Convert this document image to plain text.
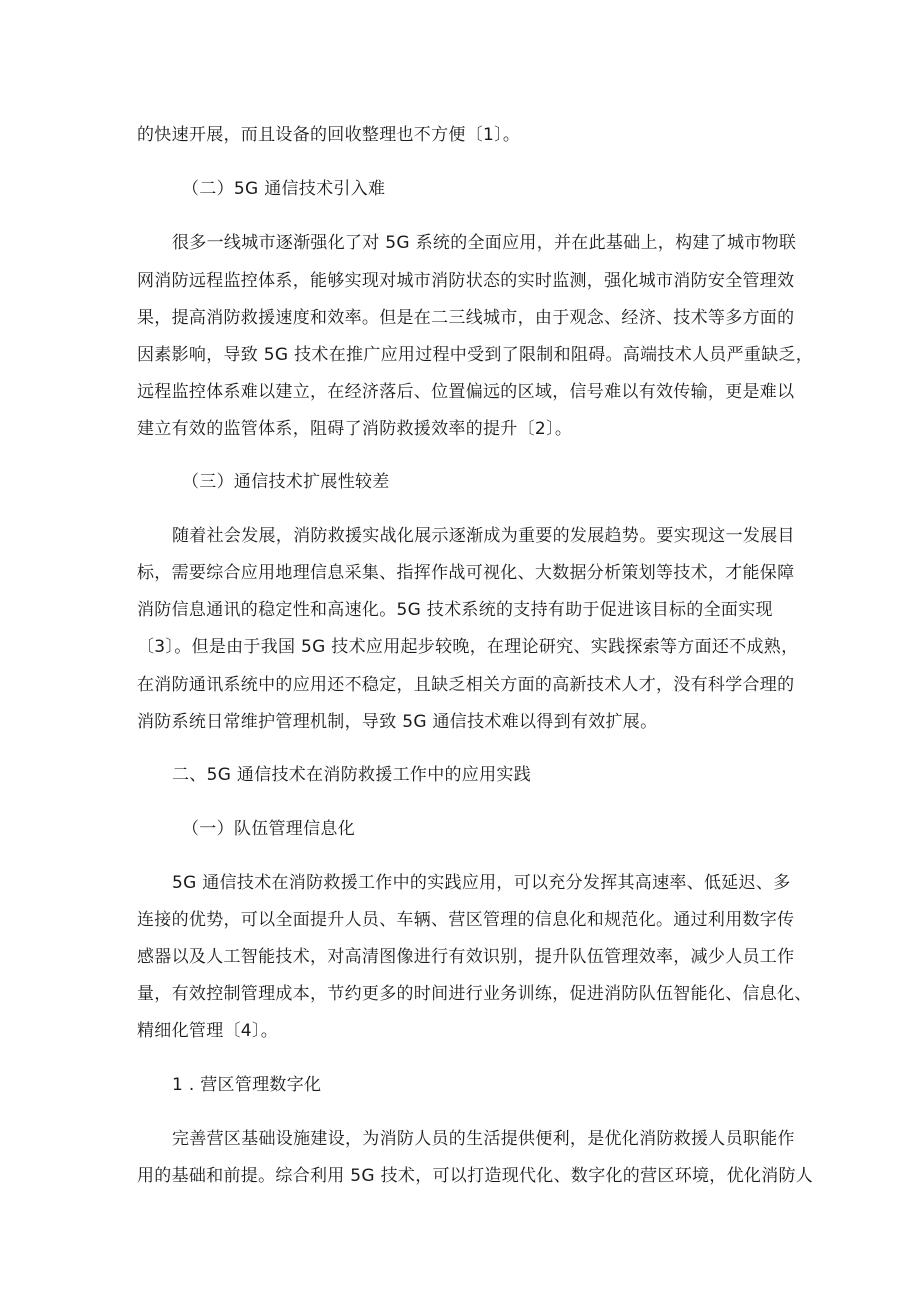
的快速开展，而且设备的回收整理也不方便〔1〕。
（二）5G 通信技术引入难
很多一线城市逐渐强化了对 5G 系统的全面应用，并在此基础上，构建了城市物联
网消防远程监控体系，能够实现对城市消防状态的实时监测，强化城市消防安全管理效
果，提高消防救援速度和效率。但是在二三线城市，由于观念、经济、技术等多方面的
因素影响，导致 5G 技术在推广应用过程中受到了限制和阻碍。高端技术人员严重缺乏，
远程监控体系难以建立，在经济落后、位置偏远的区域，信号难以有效传输，更是难以
建立有效的监管体系，阻碍了消防救援效率的提升〔2〕。
（三）通信技术扩展性较差
随着社会发展，消防救援实战化展示逐渐成为重要的发展趋势。要实现这一发展目
标，需要综合应用地理信息采集、指挥作战可视化、大数据分析策划等技术，才能保障
消防信息通讯的稳定性和高速化。5G 技术系统的支持有助于促进该目标的全面实现
〔3〕。但是由于我国 5G 技术应用起步较晚，在理论研究、实践探索等方面还不成熟，
在消防通讯系统中的应用还不稳定，且缺乏相关方面的高新技术人才，没有科学合理的
消防系统日常维护管理机制，导致 5G 通信技术难以得到有效扩展。
二、5G 通信技术在消防救援工作中的应用实践
（一）队伍管理信息化
5G 通信技术在消防救援工作中的实践应用，可以充分发挥其高速率、低延迟、多
连接的优势，可以全面提升人员、车辆、营区管理的信息化和规范化。通过利用数字传
感器以及人工智能技术，对高清图像进行有效识别，提升队伍管理效率，减少人员工作
量，有效控制管理成本，节约更多的时间进行业务训练，促进消防队伍智能化、信息化、
精细化管理〔4〕。
1 . 营区管理数字化
完善营区基础设施建设，为消防人员的生活提供便利，是优化消防救援人员职能作
用的基础和前提。综合利用 5G 技术，可以打造现代化、数字化的营区环境，优化消防人
